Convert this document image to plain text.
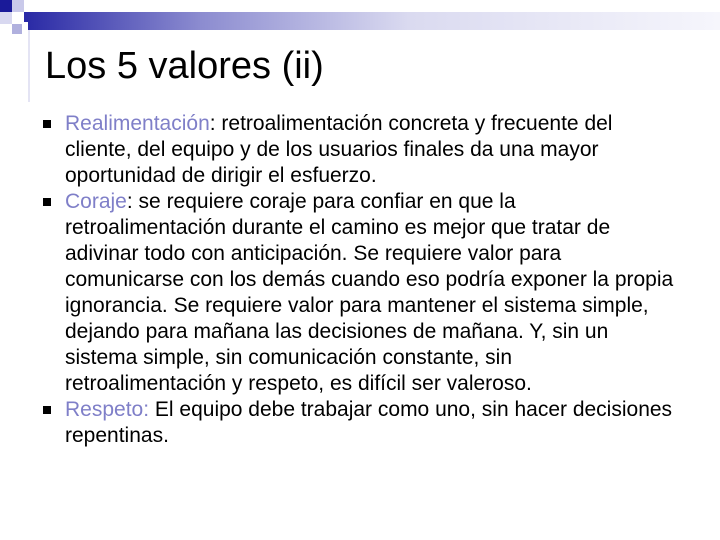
Los 5 valores (ii)
Realimentación: retroalimentación concreta y frecuente del cliente, del equipo y de los usuarios finales da una mayor oportunidad de dirigir el esfuerzo.
Coraje: se requiere coraje para confiar en que la retroalimentación durante el camino es mejor que tratar de adivinar todo con anticipación. Se requiere valor para comunicarse con los demás cuando eso podría exponer la propia ignorancia. Se requiere valor para mantener el sistema simple, dejando para mañana las decisiones de mañana. Y, sin un sistema simple, sin comunicación constante, sin retroalimentación y respeto, es difícil ser valeroso.
Respeto: El equipo debe trabajar como uno, sin hacer decisiones repentinas.
